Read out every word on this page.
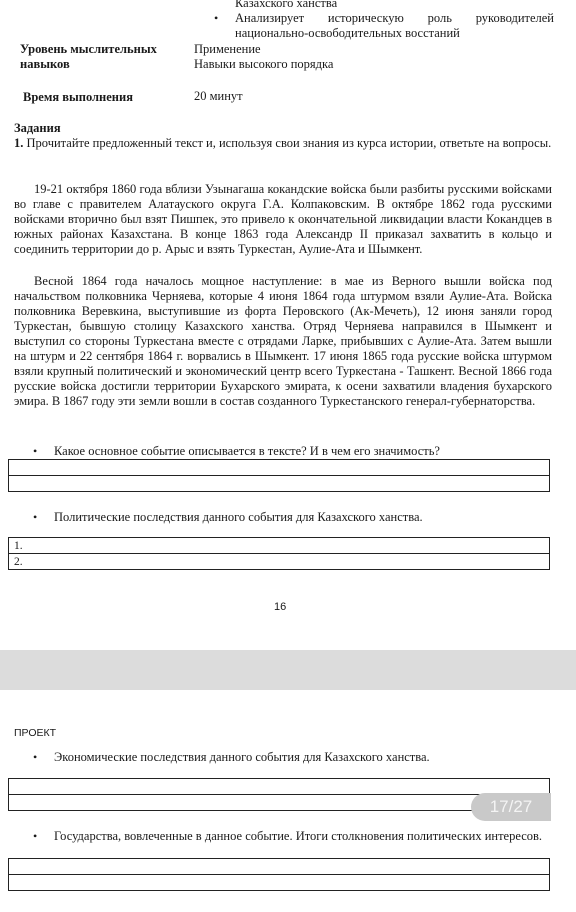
Казахского ханства
• Анализирует историческую роль руководителей
национально-освободительных восстаний
Уровень мыслительных
навыков
Применение
Навыки высокого порядка
Время выполнения	20 минут
Задания
1. Прочитайте предложенный текст и, используя свои знания из курса истории, ответьте на вопросы.
19-21 октября 1860 года вблизи Узынагаша кокандские войска были разбиты русскими войсками во главе с правителем Алатауского округа Г.А. Колпаковским. В октябре 1862 года русскими войсками вторично был взят Пишпек, это привело к окончательной ликвидации власти Кокандцев в южных районах Казахстана. В конце 1863 года Александр II приказал захватить в кольцо и соединить территории до р. Арыс и взять Туркестан, Аулие-Ата и Шымкент.
Весной 1864 года началось мощное наступление: в мае из Верного вышли войска под начальством полковника Черняева, которые 4 июня 1864 года штурмом взяли Аулие-Ата. Войска полковника Веревкина, выступившие из форта Перовского (Ак-Мечеть), 12 июня заняли город Туркестан, бывшую столицу Казахского ханства. Отряд Черняева направился в Шымкент и выступил со стороны Туркестана вместе с отрядами Ларке, прибывших с Аулие-Ата. Затем вышли на штурм и 22 сентября 1864 г. ворвались в Шымкент. 17 июня 1865 года русские войска штурмом взяли крупный политический и экономический центр всего Туркестана - Ташкент. Весной 1866 года русские войска достигли территории Бухарского эмирата, к осени захватили владения бухарского эмира. В 1867 году эти земли вошли в состав созданного Туркестанского генерал-губернаторства.
• Какое основное событие описывается в тексте? И в чем его значимость?
• Политические последствия данного события для Казахского ханства.
1.
2.
16
ПРОЕКТ
• Экономические последствия данного события для Казахского ханства.
• Государства, вовлеченные в данное событие. Итоги столкновения политических интересов.
17/27
